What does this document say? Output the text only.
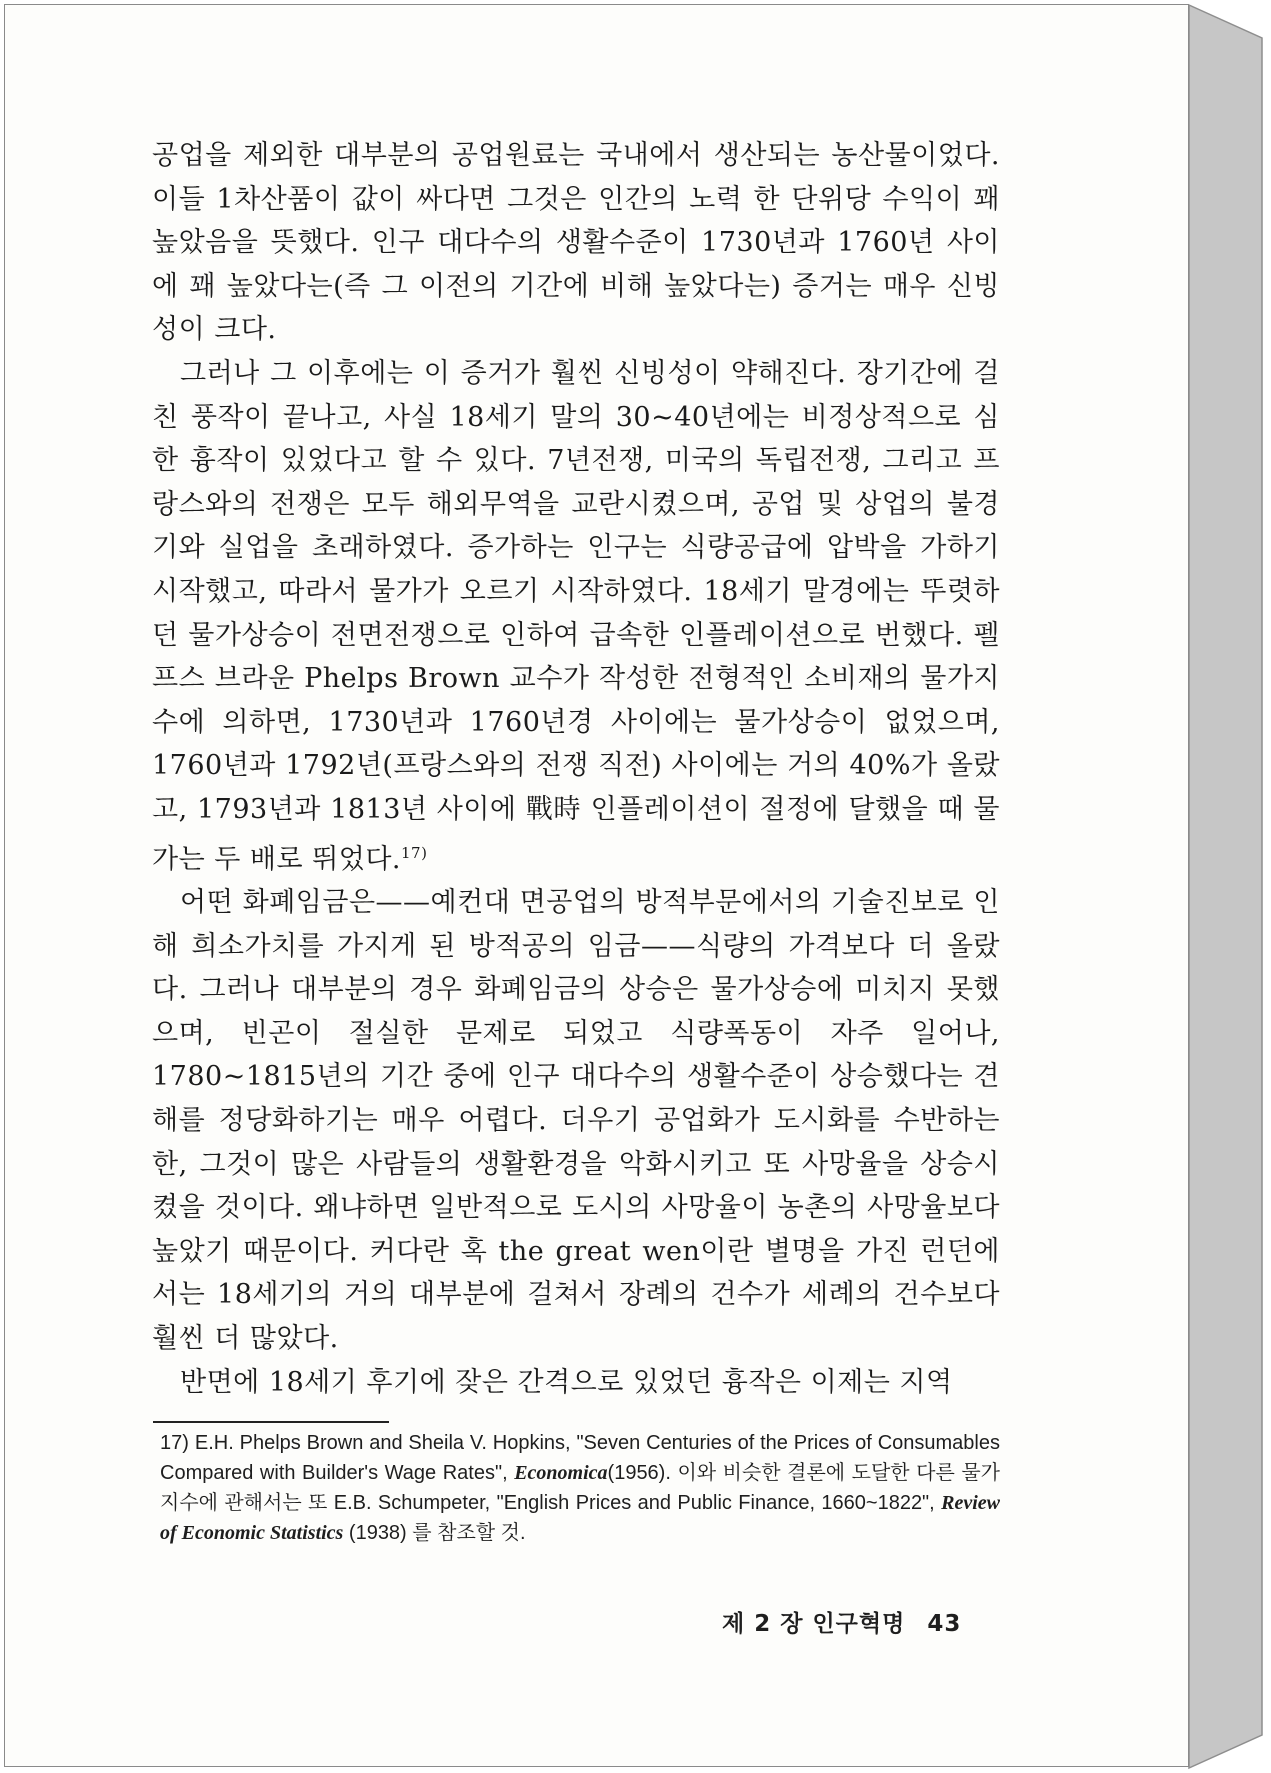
공업을 제외한 대부분의 공업원료는 국내에서 생산되는 농산물이었다. 이들 1차산품이 값이 싸다면 그것은 인간의 노력 한 단위당 수익이 꽤 높았음을 뜻했다. 인구 대다수의 생활수준이 1730년과 1760년 사이에 꽤 높았다는(즉 그 이전의 기간에 비해 높았다는) 증거는 매우 신빙성이 크다.

그러나 그 이후에는 이 증거가 훨씬 신빙성이 약해진다. 장기간에 걸친 풍작이 끝나고, 사실 18세기 말의 30~40년에는 비정상적으로 심한 흉작이 있었다고 할 수 있다. 7년전쟁, 미국의 독립전쟁, 그리고 프랑스와의 전쟁은 모두 해외무역을 교란시켰으며, 공업 및 상업의 불경기와 실업을 초래하였다. 증가하는 인구는 식량공급에 압박을 가하기 시작했고, 따라서 물가가 오르기 시작하였다. 18세기 말경에는 뚜렷하던 물가상승이 전면전쟁으로 인하여 급속한 인플레이션으로 번했다. 펠프스 브라운 Phelps Brown 교수가 작성한 전형적인 소비재의 물가지수에 의하면, 1730년과 1760년경 사이에는 물가상승이 없었으며, 1760년과 1792년(프랑스와의 전쟁 직전) 사이에는 거의 40%가 올랐고, 1793년과 1813년 사이에 戰時 인플레이션이 절정에 달했을 때 물가는 두 배로 뛰었다.$^{17)}$

어떤 화폐임금은——예컨대 면공업의 방적부문에서의 기술진보로 인해 희소가치를 가지게 된 방적공의 임금——식량의 가격보다 더 올랐다. 그러나 대부분의 경우 화폐임금의 상승은 물가상승에 미치지 못했으며, 빈곤이 절실한 문제로 되었고 식량폭동이 자주 일어나, 1780~1815년의 기간 중에 인구 대다수의 생활수준이 상승했다는 견해를 정당화하기는 매우 어렵다. 더우기 공업화가 도시화를 수반하는 한, 그것이 많은 사람들의 생활환경을 악화시키고 또 사망율을 상승시켰을 것이다. 왜냐하면 일반적으로 도시의 사망율이 농촌의 사망율보다 높았기 때문이다. 커다란 혹 the great wen이란 별명을 가진 런던에서는 18세기의 거의 대부분에 걸쳐서 장례의 건수가 세례의 건수보다 훨씬 더 많았다.

반면에 18세기 후기에 잦은 간격으로 있었던 흉작은 이제는 지역

17) E.H. Phelps Brown and Sheila V. Hopkins, "Seven Centuries of the Prices of Consumables Compared with Builder's Wage Rates", Economica(1956). 이와 비슷한 결론에 도달한 다른 물가지수에 관해서는 또 E.B. Schumpeter, "English Prices and Public Finance, 1660~1822", Review of Economic Statistics (1938) 를 참조할 것.
제 2 장 인구혁명 43
